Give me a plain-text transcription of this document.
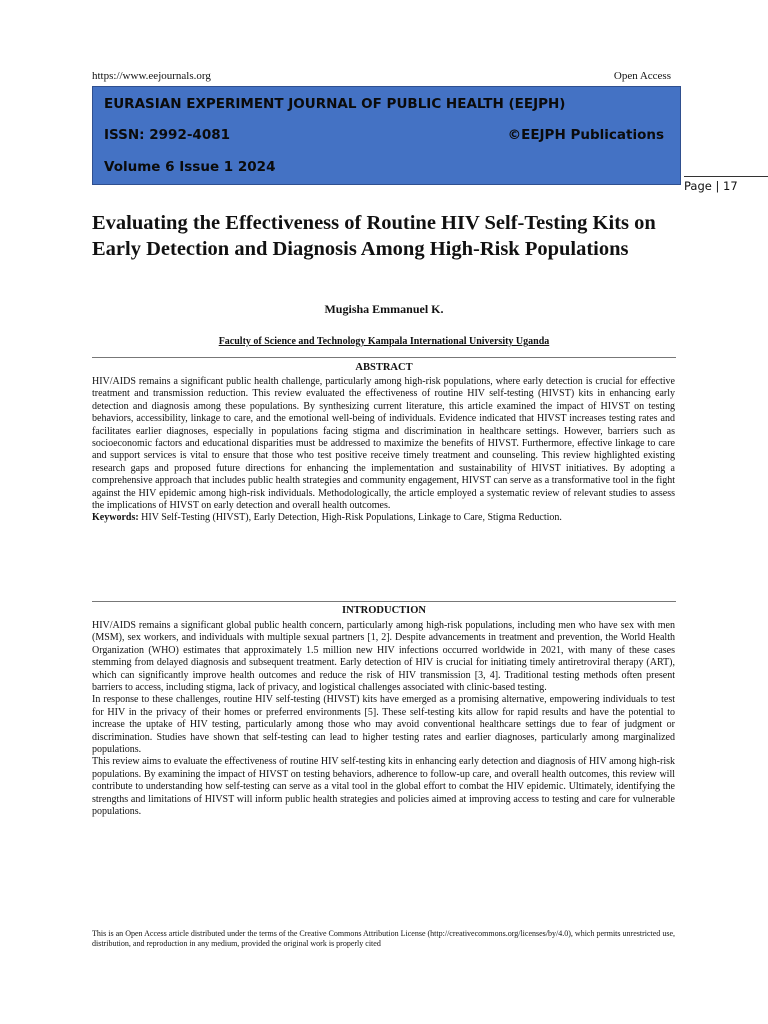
https://www.eejournals.org	Open Access
EURASIAN EXPERIMENT JOURNAL OF PUBLIC HEALTH (EEJPH)
ISSN: 2992-4081	©EEJPH Publications
Volume 6 Issue 1 2024
Page | 17
Evaluating the Effectiveness of Routine HIV Self-Testing Kits on Early Detection and Diagnosis Among High-Risk Populations
Mugisha Emmanuel K.
Faculty of Science and Technology Kampala International University Uganda
ABSTRACT

HIV/AIDS remains a significant public health challenge, particularly among high-risk populations, where early detection is crucial for effective treatment and transmission reduction. This review evaluated the effectiveness of routine HIV self-testing (HIVST) kits in enhancing early detection and diagnosis among these populations. By synthesizing current literature, this article examined the impact of HIVST on testing behaviors, accessibility, linkage to care, and the emotional well-being of individuals. Evidence indicated that HIVST increases testing rates and facilitates earlier diagnoses, especially in populations facing stigma and discrimination in healthcare settings. However, barriers such as socioeconomic factors and educational disparities must be addressed to maximize the benefits of HIVST. Furthermore, effective linkage to care and support services is vital to ensure that those who test positive receive timely treatment and counseling. This review highlighted existing research gaps and proposed future directions for enhancing the implementation and sustainability of HIVST initiatives. By adopting a comprehensive approach that includes public health strategies and community engagement, HIVST can serve as a transformative tool in the fight against the HIV epidemic among high-risk individuals. Methodologically, the article employed a systematic review of relevant studies to assess the implications of HIVST on early detection and overall health outcomes.

Keywords: HIV Self-Testing (HIVST), Early Detection, High-Risk Populations, Linkage to Care, Stigma Reduction.

INTRODUCTION

HIV/AIDS remains a significant global public health concern, particularly among high-risk populations, including men who have sex with men (MSM), sex workers, and individuals with multiple sexual partners [1, 2]. Despite advancements in treatment and prevention, the World Health Organization (WHO) estimates that approximately 1.5 million new HIV infections occurred worldwide in 2021, with many of these cases stemming from delayed diagnosis and subsequent treatment. Early detection of HIV is crucial for initiating timely antiretroviral therapy (ART), which can significantly improve health outcomes and reduce the risk of HIV transmission [3, 4]. Traditional testing methods often present barriers to access, including stigma, lack of privacy, and logistical challenges associated with clinic-based testing.

In response to these challenges, routine HIV self-testing (HIVST) kits have emerged as a promising alternative, empowering individuals to test for HIV in the privacy of their homes or preferred environments [5]. These self-testing kits allow for rapid results and have the potential to increase the uptake of HIV testing, particularly among those who may avoid conventional healthcare settings due to fear of judgment or discrimination. Studies have shown that self-testing can lead to higher testing rates and earlier diagnoses, particularly among marginalized populations.

This review aims to evaluate the effectiveness of routine HIV self-testing kits in enhancing early detection and diagnosis of HIV among high-risk populations. By examining the impact of HIVST on testing behaviors, adherence to follow-up care, and overall health outcomes, this review will contribute to understanding how self-testing can serve as a vital tool in the global effort to combat the HIV epidemic. Ultimately, identifying the strengths and limitations of HIVST will inform public health strategies and policies aimed at improving access to testing and care for vulnerable populations.

This is an Open Access article distributed under the terms of the Creative Commons Attribution License (http://creativecommons.org/licenses/by/4.0), which permits unrestricted use, distribution, and reproduction in any medium, provided the original work is properly cited
